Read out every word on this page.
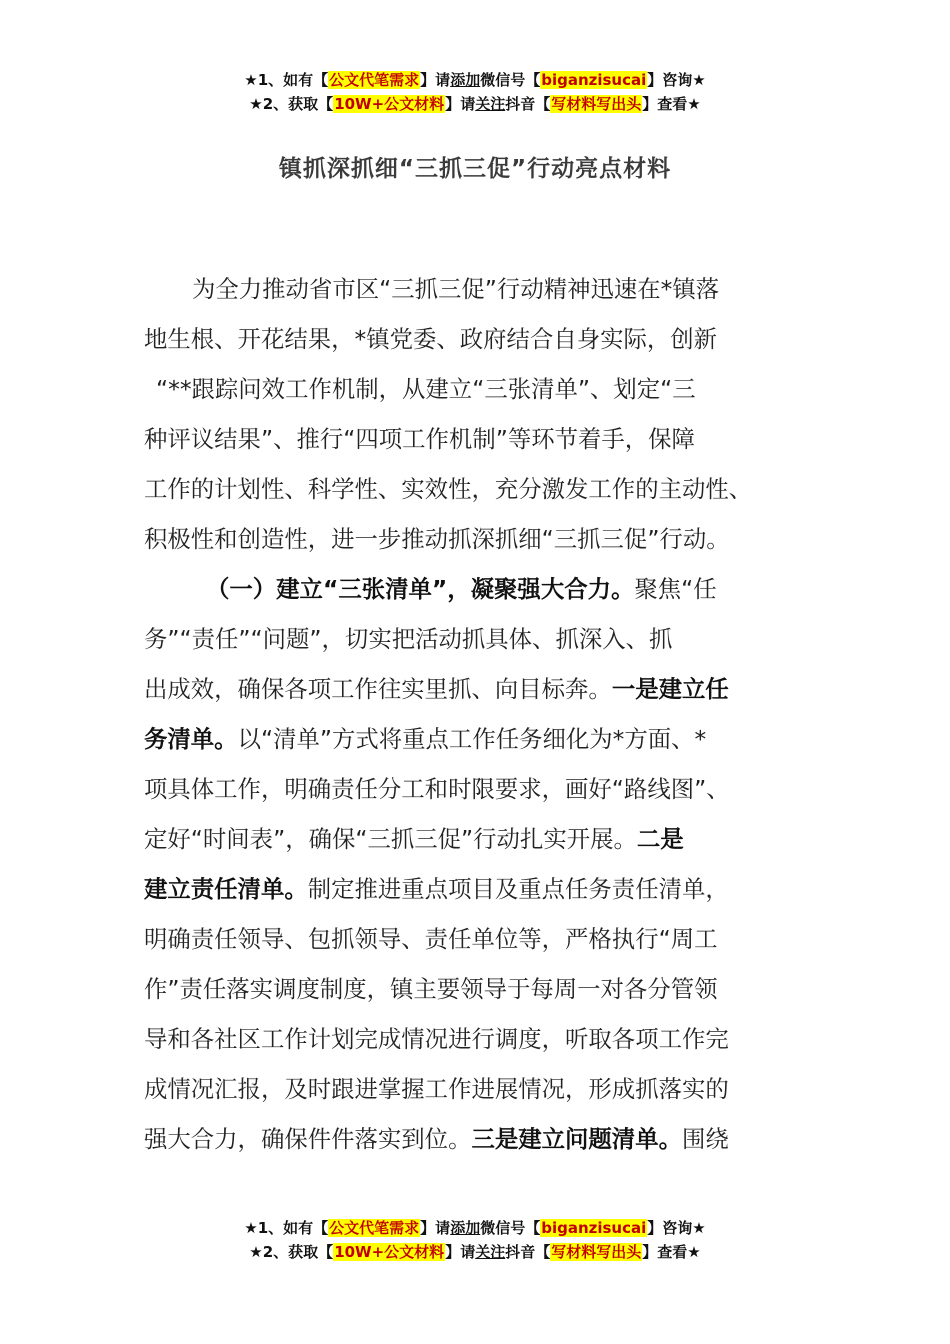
★1、如有【公文代笔需求】请添加微信号【biganzisucai】咨询★
★2、获取【10W+公文材料】请关注抖音【写材料写出头】查看★
镇抓深抓细“三抓三促”行动亮点材料
为全力推动省市区“三抓三促”行动精神迅速在*镇落
地生根、开花结果，*镇党委、政府结合自身实际，创新
“**跟踪问效工作机制，从建立“三张清单”、划定“三
种评议结果”、推行“四项工作机制”等环节着手，保障
工作的计划性、科学性、实效性，充分激发工作的主动性、
积极性和创造性，进一步推动抓深抓细“三抓三促”行动。
（一）建立“三张清单”，凝聚强大合力。聚焦“任
务”“责任”“问题”，切实把活动抓具体、抓深入、抓
出成效，确保各项工作往实里抓、向目标奔。一是建立任
务清单。以“清单”方式将重点工作任务细化为*方面、*
项具体工作，明确责任分工和时限要求，画好“路线图”、
定好“时间表”，确保“三抓三促”行动扎实开展。二是
建立责任清单。制定推进重点项目及重点任务责任清单，
明确责任领导、包抓领导、责任单位等，严格执行“周工
作”责任落实调度制度，镇主要领导于每周一对各分管领
导和各社区工作计划完成情况进行调度，听取各项工作完
成情况汇报，及时跟进掌握工作进展情况，形成抓落实的
强大合力，确保件件落实到位。三是建立问题清单。围绕
★1、如有【公文代笔需求】请添加微信号【biganzisucai】咨询★
★2、获取【10W+公文材料】请关注抖音【写材料写出头】查看★
